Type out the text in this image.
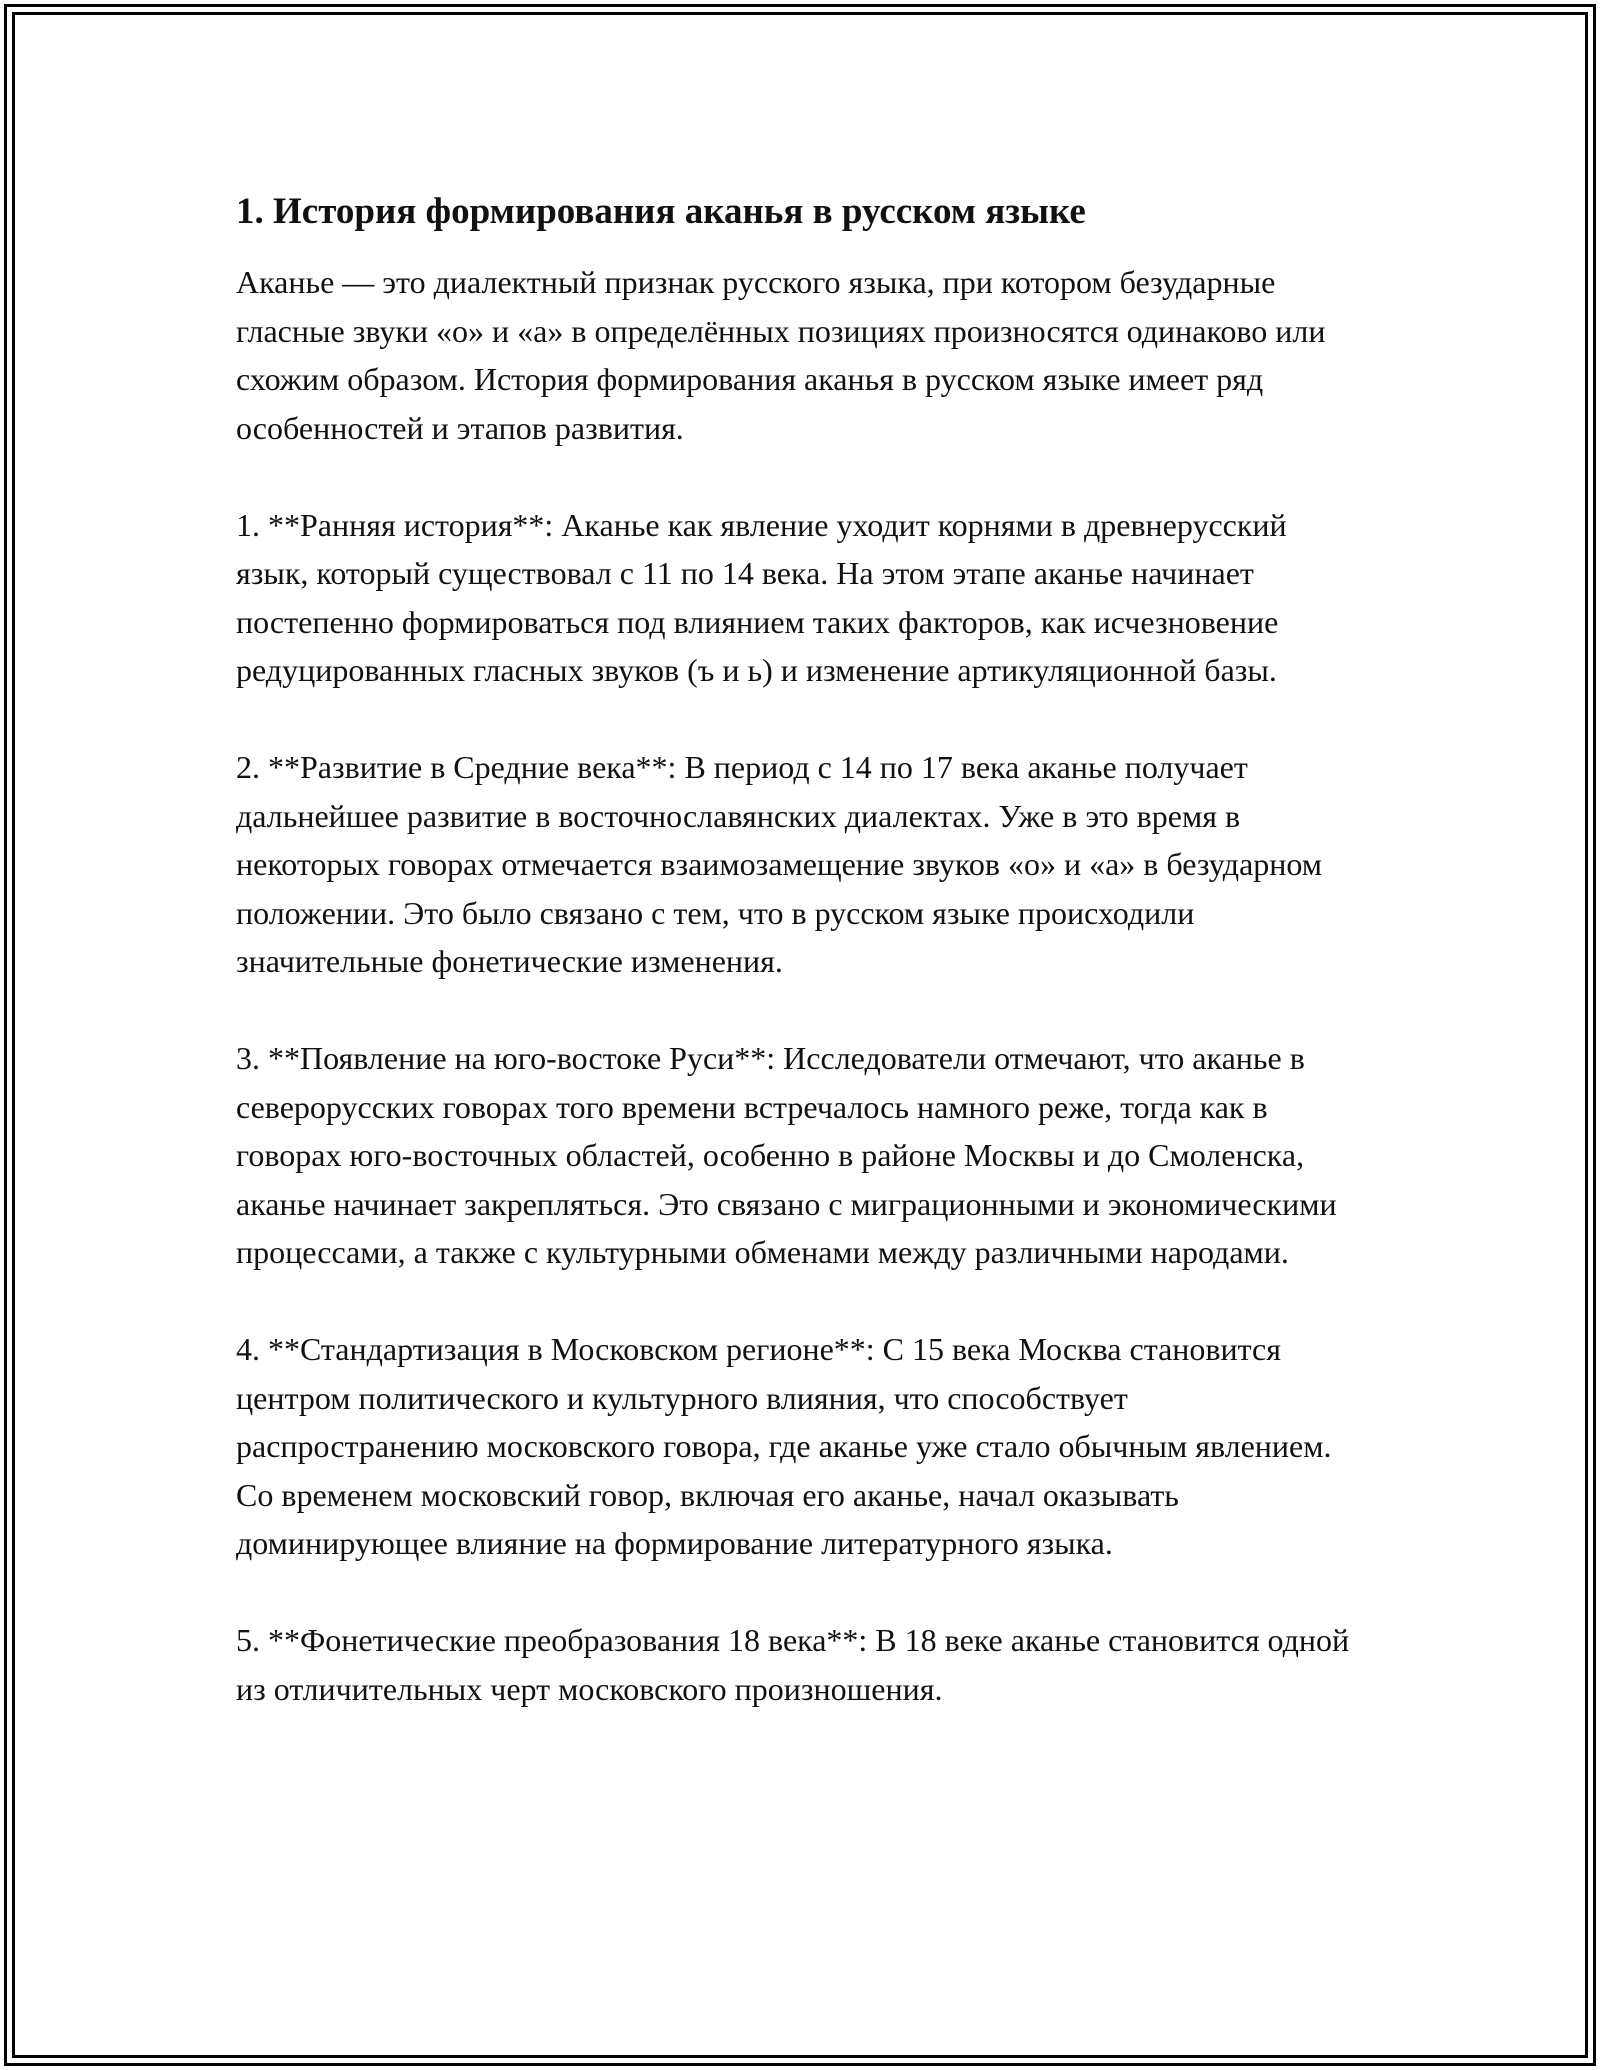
1. История формирования аканья в русском языке

Аканье — это диалектный признак русского языка, при котором безударные гласные звуки «о» и «а» в определённых позициях произносятся одинаково или схожим образом. История формирования аканья в русском языке имеет ряд особенностей и этапов развития.

1. **Ранняя история**: Аканье как явление уходит корнями в древнерусский язык, который существовал с 11 по 14 века. На этом этапе аканье начинает постепенно формироваться под влиянием таких факторов, как исчезновение редуцированных гласных звуков (ъ и ь) и изменение артикуляционной базы.

2. **Развитие в Средние века**: В период с 14 по 17 века аканье получает дальнейшее развитие в восточнославянских диалектах. Уже в это время в некоторых говорах отмечается взаимозамещение звуков «о» и «а» в безударном положении. Это было связано с тем, что в русском языке происходили значительные фонетические изменения.

3. **Появление на юго-востоке Руси**: Исследователи отмечают, что аканье в северорусских говорах того времени встречалось намного реже, тогда как в говорах юго-восточных областей, особенно в районе Москвы и до Смоленска, аканье начинает закрепляться. Это связано с миграционными и экономическими процессами, а также с культурными обменами между различными народами.

4. **Стандартизация в Московском регионе**: С 15 века Москва становится центром политического и культурного влияния, что способствует распространению московского говора, где аканье уже стало обычным явлением. Со временем московский говор, включая его аканье, начал оказывать доминирующее влияние на формирование литературного языка.

5. **Фонетические преобразования 18 века**: В 18 веке аканье становится одной из отличительных черт московского произношения.
